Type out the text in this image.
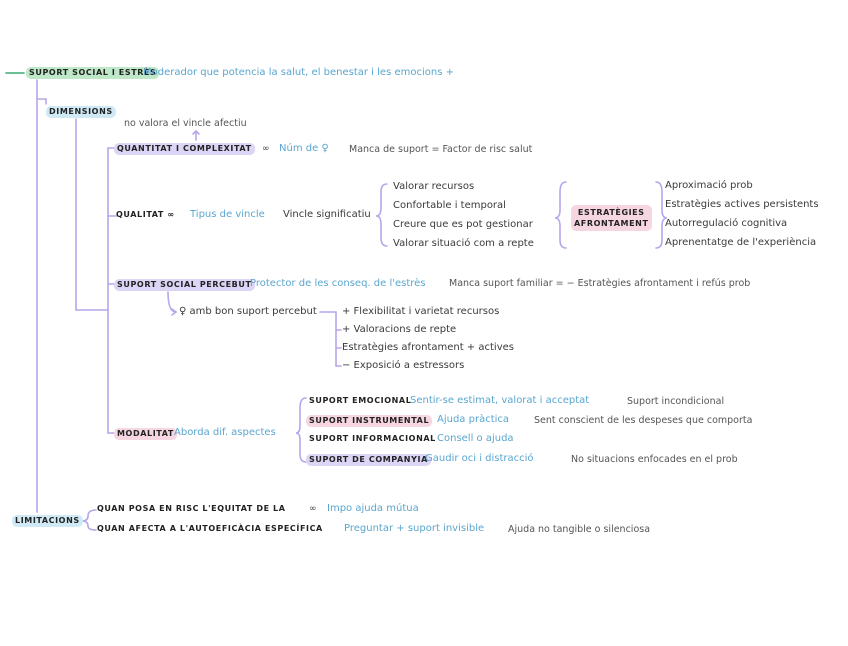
SUPORT SOCIAL I ESTRÈS
Moderador que potencia la salut, el benestar i les emocions +
DIMENSIONS
no valora el vincle afectiu
QUANTITAT I COMPLEXITAT	∞ Núm de ♀ Manca de suport = Factor de risc salut
QUALITAT ∞ Tipus de vincle Vincle significatiu
Valorar recursos
Confortable i temporal
Creure que es pot gestionar
Valorar situació com a repte
ESTRATÈGIES
AFRONTAMENT
Aproximació prob
Estratègies actives persistents
Autorregulació cognitiva
Aprenentatge de l'experiència
SUPORT SOCIAL PERCEBUT
Protector de les conseq. de l'estrès Manca suport familiar = − Estratègies afrontament i refús prob
♀ amb bon suport percebut	+ Flexibilitat i varietat recursos
+ Valoracions de repte
Estratègies afrontament + actives
− Exposició a estressors
MODALITAT Aborda dif. aspectes
SUPORT EMOCIONAL
Sentir-se estimat, valorat i acceptat	Suport incondicional
SUPORT INSTRUMENTAL Ajuda pràctica	Sent conscient de les despeses que comporta
SUPORT INFORMACIONAL Consell o ajuda
SUPORT DE COMPANYIA
Gaudir oci i distracció	No situacions enfocades en el prob
LIMITACIONS
QUAN POSA EN RISC L'EQUITAT DE LA	∞ Impo ajuda mútua
QUAN AFECTA A L'AUTOEFICÀCIA ESPECÍFICA Preguntar + suport invisible	Ajuda no tangible o silenciosa
